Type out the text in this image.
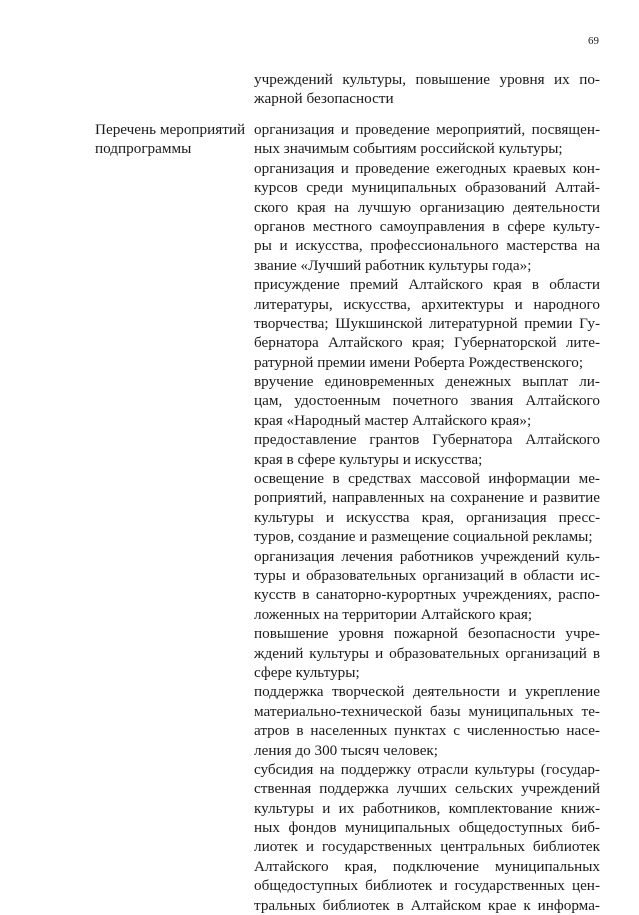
69
учреждений культуры, повышение уровня их по-
жарной безопасности
Перечень мероприятий
подпрограммы
организация и проведение мероприятий, посвящен-
ных значимым событиям российской культуры;
организация и проведение ежегодных краевых кон-
курсов среди муниципальных образований Алтай-
ского края на лучшую организацию деятельности
органов местного самоуправления в сфере культу-
ры и искусства, профессионального мастерства на
звание «Лучший работник культуры года»;
присуждение премий Алтайского края в области
литературы, искусства, архитектуры и народного
творчества; Шукшинской литературной премии Гу-
бернатора Алтайского края; Губернаторской лите-
ратурной премии имени Роберта Рождественского;
вручение единовременных денежных выплат ли-
цам, удостоенным почетного звания Алтайского
края «Народный мастер Алтайского края»;
предоставление грантов Губернатора Алтайского
края в сфере культуры и искусства;
освещение в средствах массовой информации ме-
роприятий, направленных на сохранение и развитие
культуры и искусства края, организация пресс-
туров, создание и размещение социальной рекламы;
организация лечения работников учреждений куль-
туры и образовательных организаций в области ис-
кусств в санаторно-курортных учреждениях, распо-
ложенных на территории Алтайского края;
повышение уровня пожарной безопасности учре-
ждений культуры и образовательных организаций в
сфере культуры;
поддержка творческой деятельности и укрепление
материально-технической базы муниципальных те-
атров в населенных пунктах с численностью насе-
ления до 300 тысяч человек;
субсидия на поддержку отрасли культуры (государ-
ственная поддержка лучших сельских учреждений
культуры и их работников, комплектование книж-
ных фондов муниципальных общедоступных биб-
лиотек и государственных центральных библиотек
Алтайского края, подключение муниципальных
общедоступных библиотек и государственных цен-
тральных библиотек в Алтайском крае к информа-
